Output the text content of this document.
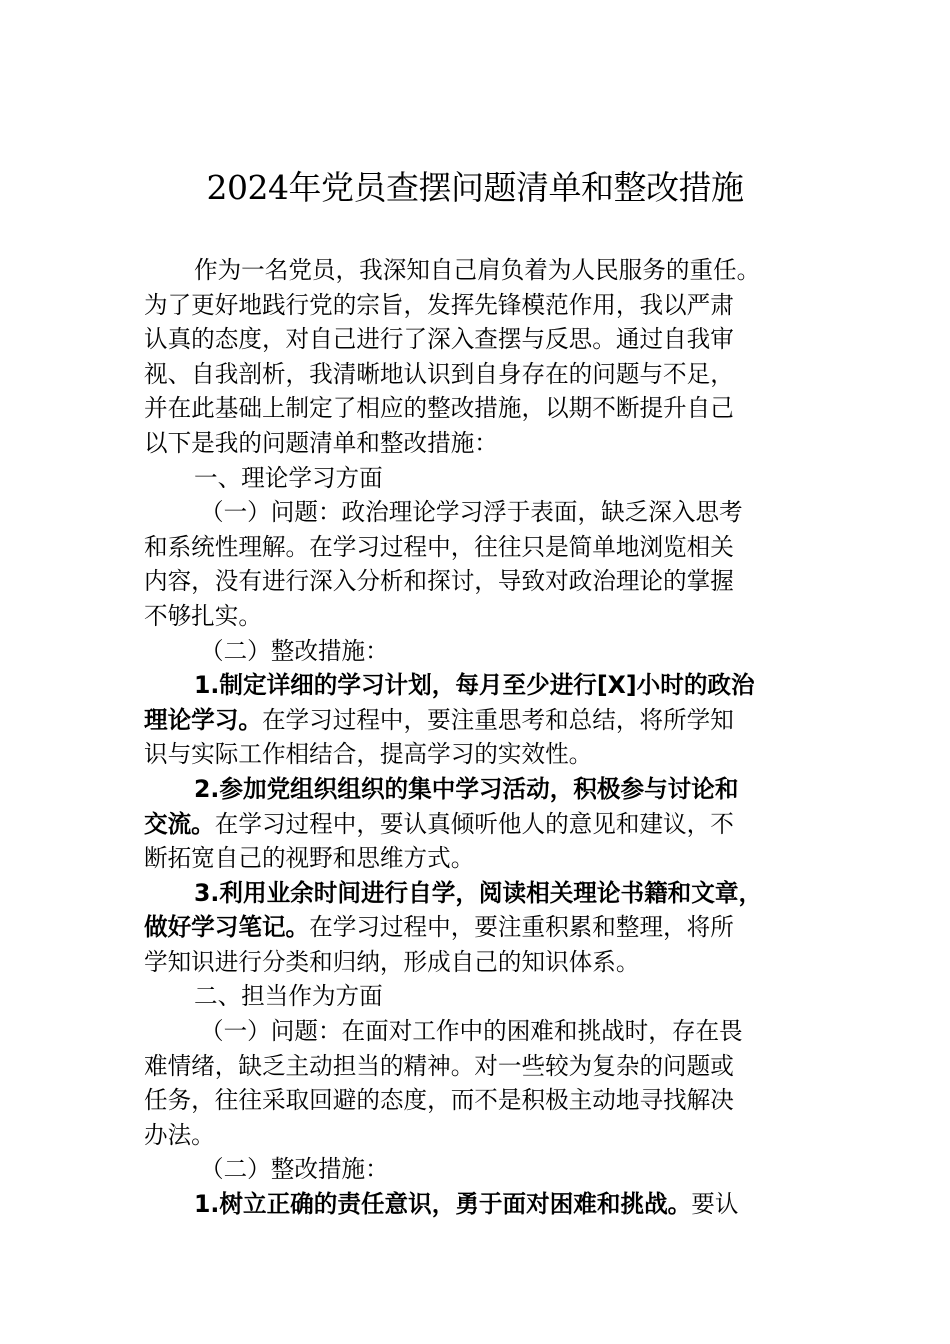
2024年党员查摆问题清单和整改措施
作为一名党员，我深知自己肩负着为人民服务的重任。
为了更好地践行党的宗旨，发挥先锋模范作用，我以严肃
认真的态度，对自己进行了深入查摆与反思。通过自我审
视、自我剖析，我清晰地认识到自身存在的问题与不足，
并在此基础上制定了相应的整改措施，以期不断提升自己
以下是我的问题清单和整改措施：
一、理论学习方面
（一）问题：政治理论学习浮于表面，缺乏深入思考
和系统性理解。在学习过程中，往往只是简单地浏览相关
内容，没有进行深入分析和探讨，导致对政治理论的掌握
不够扎实。
（二）整改措施：
1.制定详细的学习计划，每月至少进行[X]小时的政治
理论学习。在学习过程中，要注重思考和总结，将所学知
识与实际工作相结合，提高学习的实效性。
2.参加党组织组织的集中学习活动，积极参与讨论和
交流。在学习过程中，要认真倾听他人的意见和建议，不
断拓宽自己的视野和思维方式。
3.利用业余时间进行自学，阅读相关理论书籍和文章，
做好学习笔记。在学习过程中，要注重积累和整理，将所
学知识进行分类和归纳，形成自己的知识体系。
二、担当作为方面
（一）问题：在面对工作中的困难和挑战时，存在畏
难情绪，缺乏主动担当的精神。对一些较为复杂的问题或
任务，往往采取回避的态度，而不是积极主动地寻找解决
办法。
（二）整改措施：
1.树立正确的责任意识，勇于面对困难和挑战。要认
